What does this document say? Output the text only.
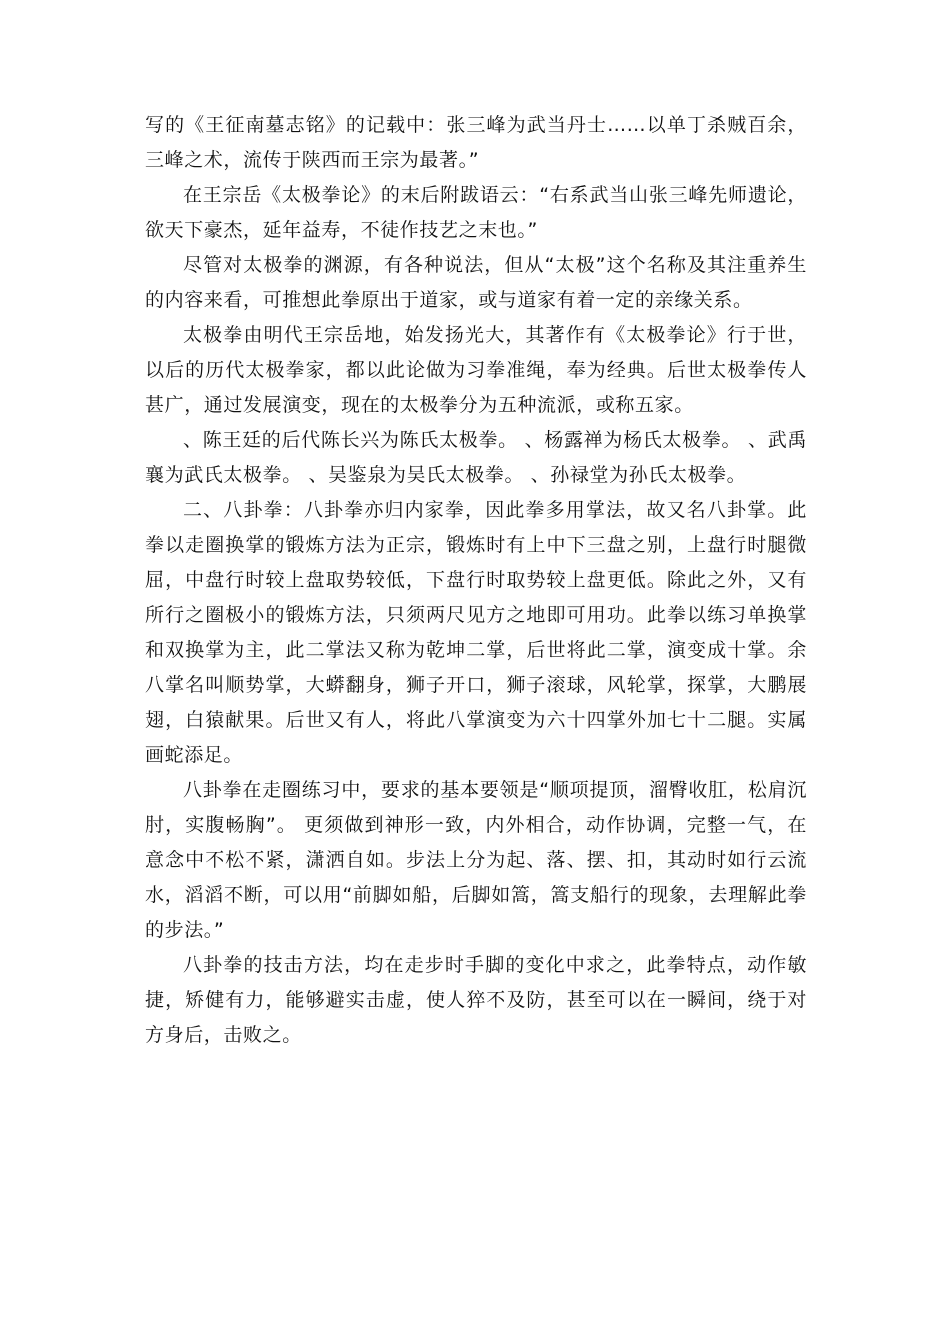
写的《王征南墓志铭》的记载中：张三峰为武当丹士……以单丁杀贼百余，三峰之术，流传于陕西而王宗为最著。”

在王宗岳《太极拳论》的末后附跋语云：“右系武当山张三峰先师遗论，欲天下豪杰，延年益寿，不徒作技艺之末也。”

尽管对太极拳的渊源，有各种说法，但从“太极”这个名称及其注重养生的内容来看，可推想此拳原出于道家，或与道家有着一定的亲缘关系。

太极拳由明代王宗岳地，始发扬光大，其著作有《太极拳论》行于世，以后的历代太极拳家，都以此论做为习拳准绳，奉为经典。后世太极拳传人甚广，通过发展演变，现在的太极拳分为五种流派，或称五家。

、陈王廷的后代陈长兴为陈氏太极拳。 、杨露禅为杨氏太极拳。 、武禹襄为武氏太极拳。 、吴鉴泉为吴氏太极拳。 、孙禄堂为孙氏太极拳。

二、八卦拳：八卦拳亦归内家拳，因此拳多用掌法，故又名八卦掌。此拳以走圈换掌的锻炼方法为正宗，锻炼时有上中下三盘之别，上盘行时腿微屈，中盘行时较上盘取势较低，下盘行时取势较上盘更低。除此之外，又有所行之圈极小的锻炼方法，只须两尺见方之地即可用功。此拳以练习单换掌和双换掌为主，此二掌法又称为乾坤二掌，后世将此二掌，演变成十掌。余八掌名叫顺势掌，大蟒翻身，狮子开口，狮子滚球，风轮掌，探掌，大鹏展翅，白猿献果。后世又有人，将此八掌演变为六十四掌外加七十二腿。实属画蛇添足。

八卦拳在走圈练习中，要求的基本要领是“顺项提顶，溜臀收肛，松肩沉肘，实腹畅胸”。 更须做到神形一致，内外相合，动作协调，完整一气，在意念中不松不紧，潇洒自如。步法上分为起、落、摆、扣，其动时如行云流水，滔滔不断，可以用“前脚如船，后脚如篙，篙支船行的现象，去理解此拳的步法。”

八卦拳的技击方法，均在走步时手脚的变化中求之，此拳特点，动作敏捷，矫健有力，能够避实击虚，使人猝不及防，甚至可以在一瞬间，绕于对方身后，击败之。
